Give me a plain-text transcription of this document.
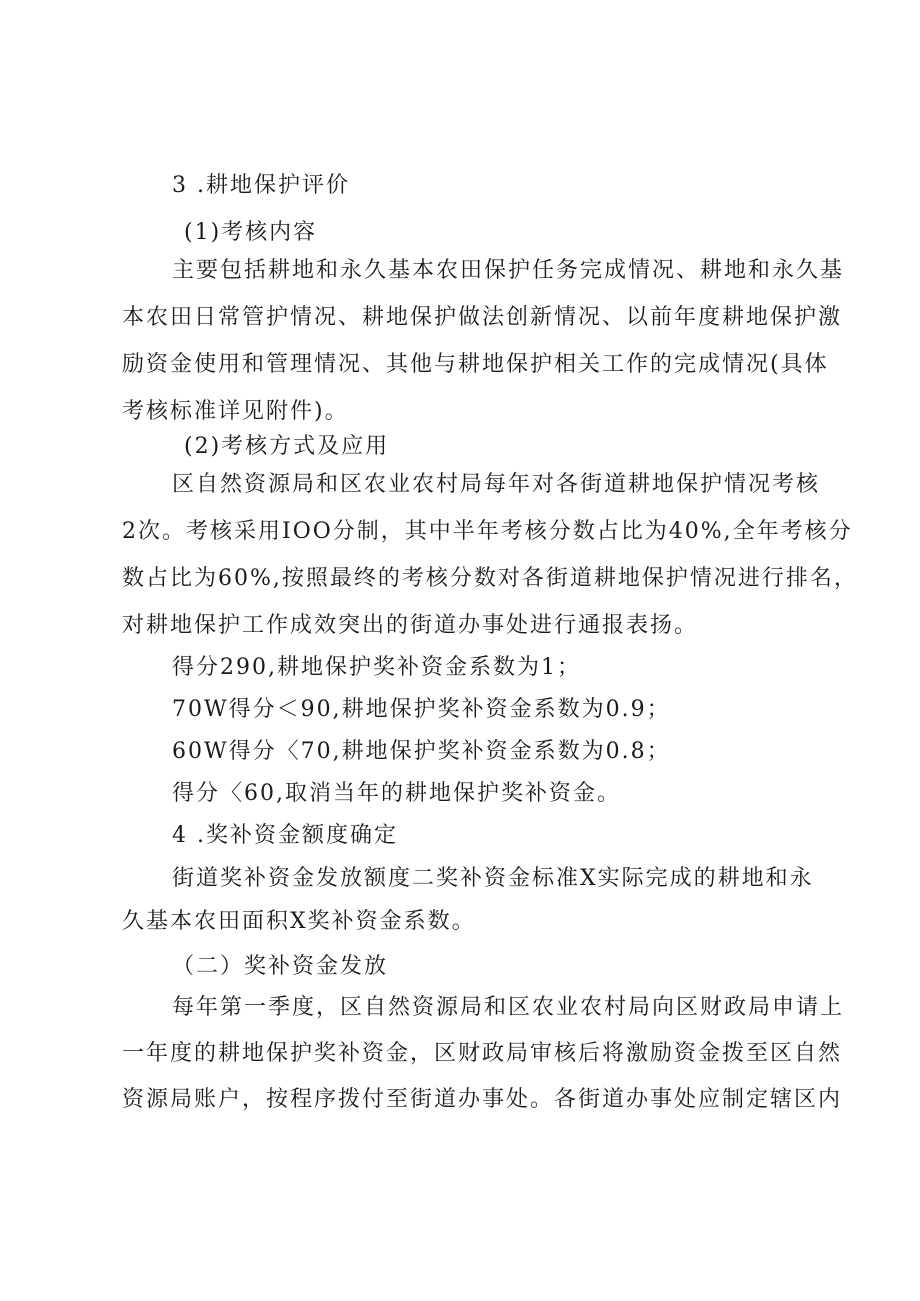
3 .耕地保护评价
(1)考核内容
主要包括耕地和永久基本农田保护任务完成情况、耕地和永久基
本农田日常管护情况、耕地保护做法创新情况、以前年度耕地保护激
励资金使用和管理情况、其他与耕地保护相关工作的完成情况(具体
考核标准详见附件)。
(2)考核方式及应用
区自然资源局和区农业农村局每年对各街道耕地保护情况考核
2次。考核采用IOO分制，其中半年考核分数占比为40%,全年考核分
数占比为60%,按照最终的考核分数对各街道耕地保护情况进行排名，
对耕地保护工作成效突出的街道办事处进行通报表扬。
得分290,耕地保护奖补资金系数为1；
70W得分＜90,耕地保护奖补资金系数为0.9；
60W得分〈70,耕地保护奖补资金系数为0.8；
得分〈60,取消当年的耕地保护奖补资金。
4 .奖补资金额度确定
街道奖补资金发放额度二奖补资金标准X实际完成的耕地和永
久基本农田面积X奖补资金系数。
（二）奖补资金发放
每年第一季度，区自然资源局和区农业农村局向区财政局申请上
一年度的耕地保护奖补资金，区财政局审核后将激励资金拨至区自然
资源局账户，按程序拨付至街道办事处。各街道办事处应制定辖区内
